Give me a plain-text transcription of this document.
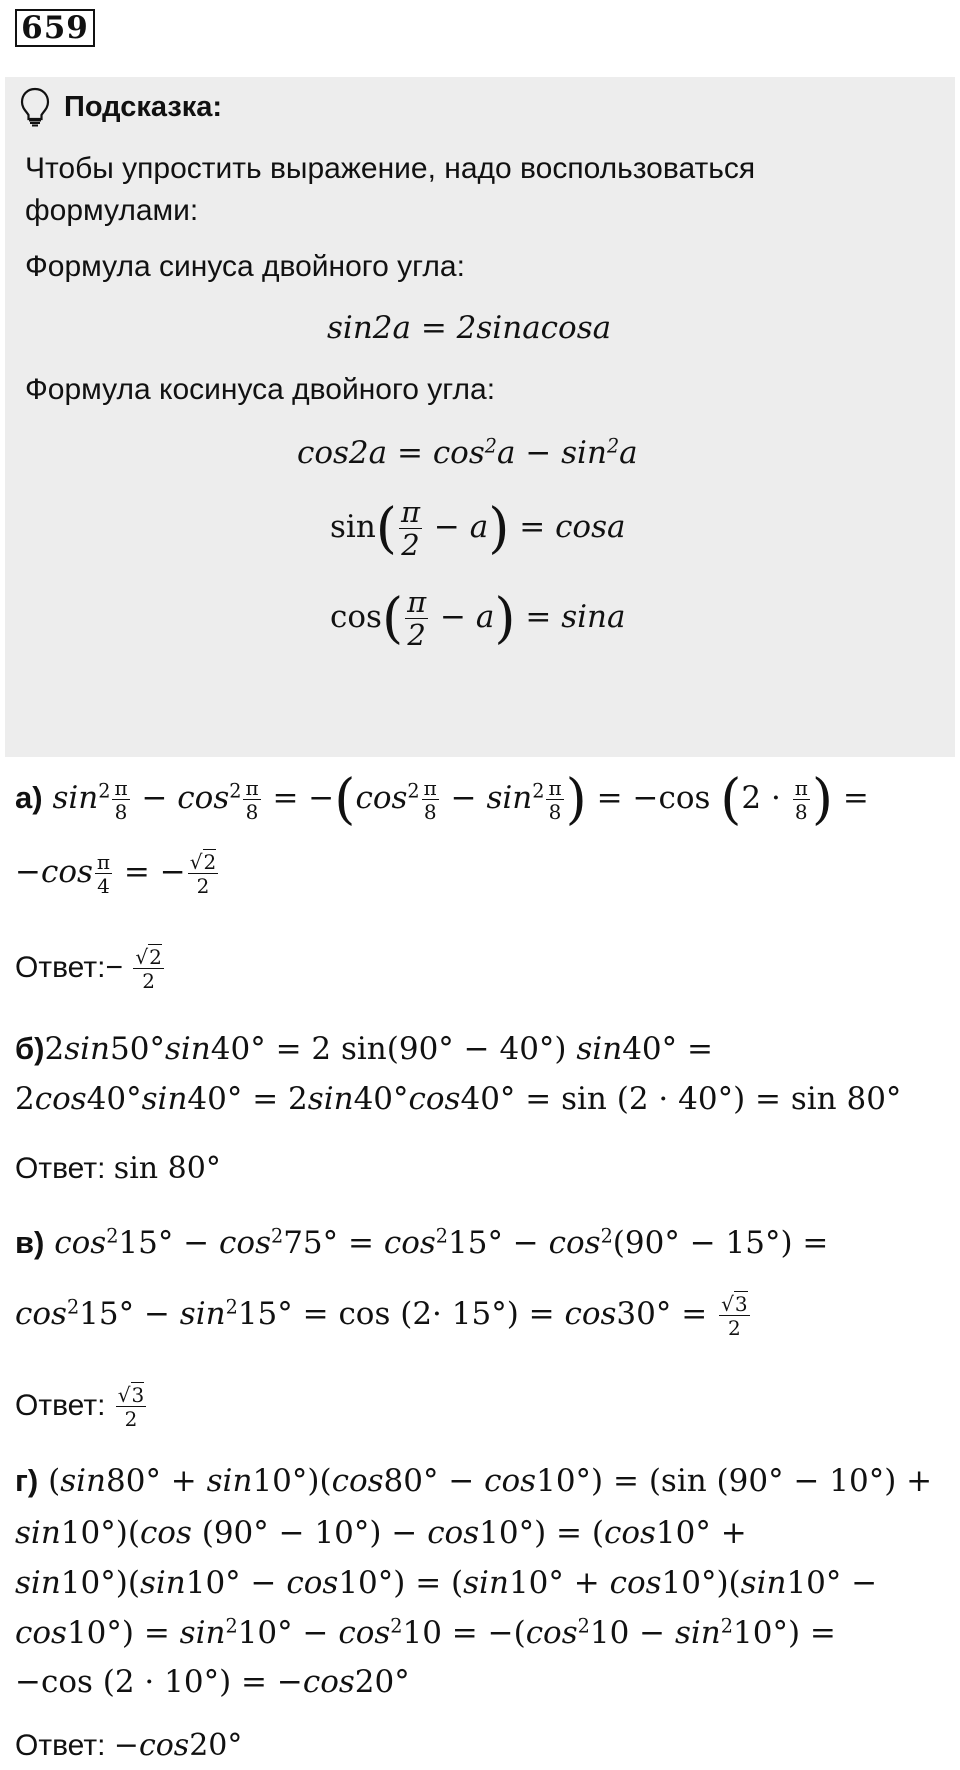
659
Подсказка:
Чтобы упростить выражение, надо воспользоваться
формулами:
Формула синуса двойного угла:
sin2a = 2sinacosa
Формула косинуса двойного угла:
$\cos 2a = \cos^2a - \sin^2a$
$\sin( \frac{\pi}{2} - a) = \cos a$
$\cos( \frac{\pi}{2} - a) = \sin a$
а) $\sin^2 \frac{\pi}{8} - \cos^2 \frac{\pi}{8} = -(\cos^2 \frac{\pi}{8} - \sin^2 \frac{\pi}{8}$ ) = −cos ($2 \cdot \frac{\pi}{8}$ ) =
$-\cos \frac{\pi}{4}$ = − $\frac{√2}{2}$
Ответ:− $\frac{√2}{2}$
б)2sin50°sin40° = 2 sin(90° − 40°) sin40° =
2cos40°sin40° = 2sin40°cos40° = sin (2 · 40°) = sin 80°
Ответ: sin 80°
в) $\cos^215^\circ - \cos^275^\circ = \cos^215^\circ - \cos^2(90^\circ - 15^\circ)$ =
$\cos^215^\circ - \sin^215^\circ = \cos (2\cdot 15^\circ) = \cos 30^\circ = \frac{√3}{2}$
Ответ: $\frac{√3}{2}$
г) (sin80° + sin10°)(cos80° − cos10°) = (sin (90° − 10°) +
sin10°)(cos (90° − 10°) − cos10°) = (cos10° +
sin10°)(sin10° − cos10°) = (sin10° + cos10°)(sin10° −
$\cos 10^\circ) = \sin^210^\circ - \cos^210 = -(\cos^210 - \sin^210^\circ)$ =
−cos (2 · 10°) = −cos20°
Ответ: −cos20°
